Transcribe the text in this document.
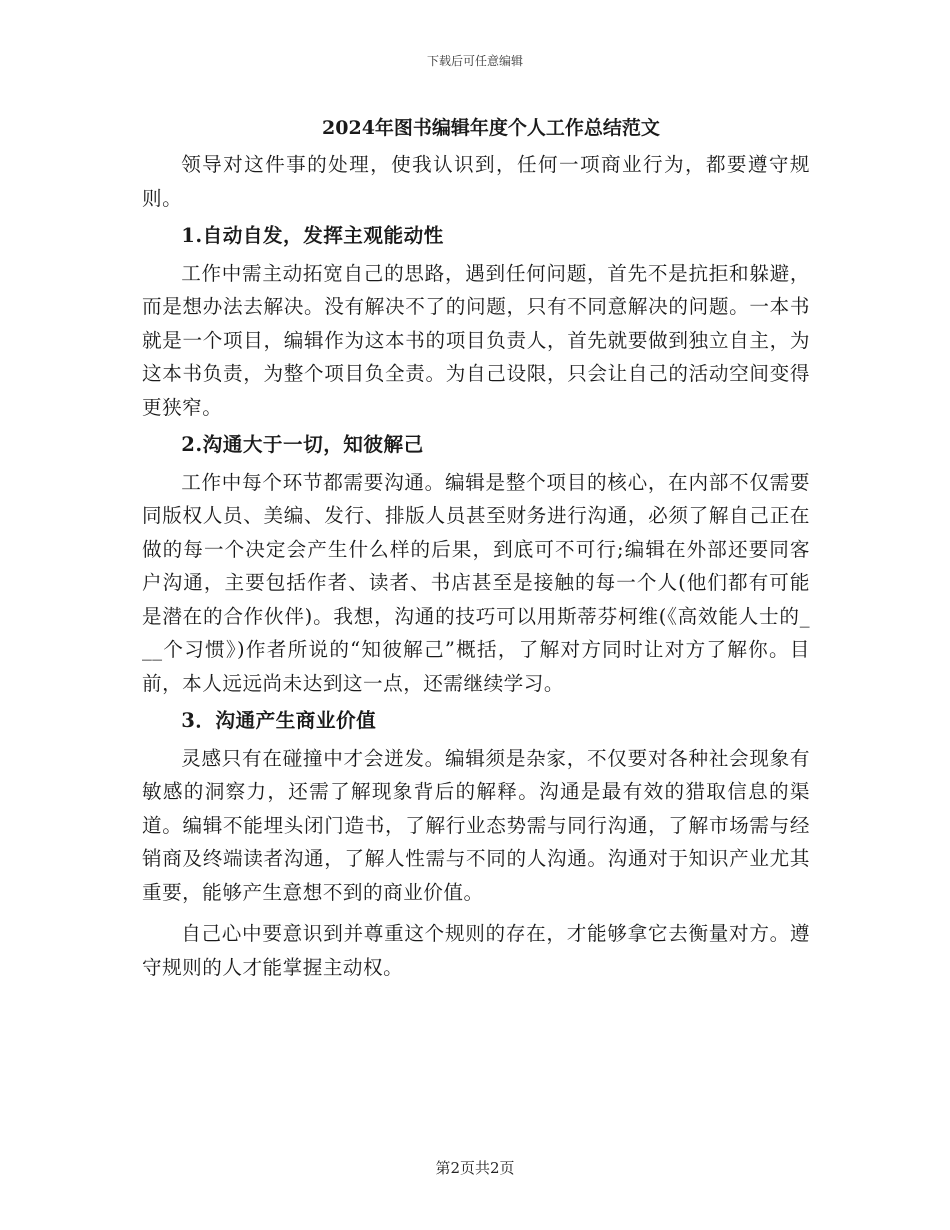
下载后可任意编辑
2024年图书编辑年度个人工作总结范文

领导对这件事的处理，使我认识到，任何一项商业行为，都要遵守规则。

1.自动自发，发挥主观能动性

工作中需主动拓宽自己的思路，遇到任何问题，首先不是抗拒和躲避，而是想办法去解决。没有解决不了的问题，只有不同意解决的问题。一本书就是一个项目，编辑作为这本书的项目负责人，首先就要做到独立自主，为这本书负责，为整个项目负全责。为自己设限，只会让自己的活动空间变得更狭窄。

2.沟通大于一切，知彼解己

工作中每个环节都需要沟通。编辑是整个项目的核心，在内部不仅需要同版权人员、美编、发行、排版人员甚至财务进行沟通，必须了解自己正在做的每一个决定会产生什么样的后果，到底可不可行;编辑在外部还要同客户沟通，主要包括作者、读者、书店甚至是接触的每一个人(他们都有可能是潜在的合作伙伴)。我想，沟通的技巧可以用斯蒂芬柯维(《高效能人士的___个习惯》)作者所说的“知彼解己”概括，了解对方同时让对方了解你。目前，本人远远尚未达到这一点，还需继续学习。

3．沟通产生商业价值

灵感只有在碰撞中才会迸发。编辑须是杂家，不仅要对各种社会现象有敏感的洞察力，还需了解现象背后的解释。沟通是最有效的猎取信息的渠道。编辑不能埋头闭门造书，了解行业态势需与同行沟通，了解市场需与经销商及终端读者沟通，了解人性需与不同的人沟通。沟通对于知识产业尤其重要，能够产生意想不到的商业价值。

自己心中要意识到并尊重这个规则的存在，才能够拿它去衡量对方。遵守规则的人才能掌握主动权。

第2页共2页
